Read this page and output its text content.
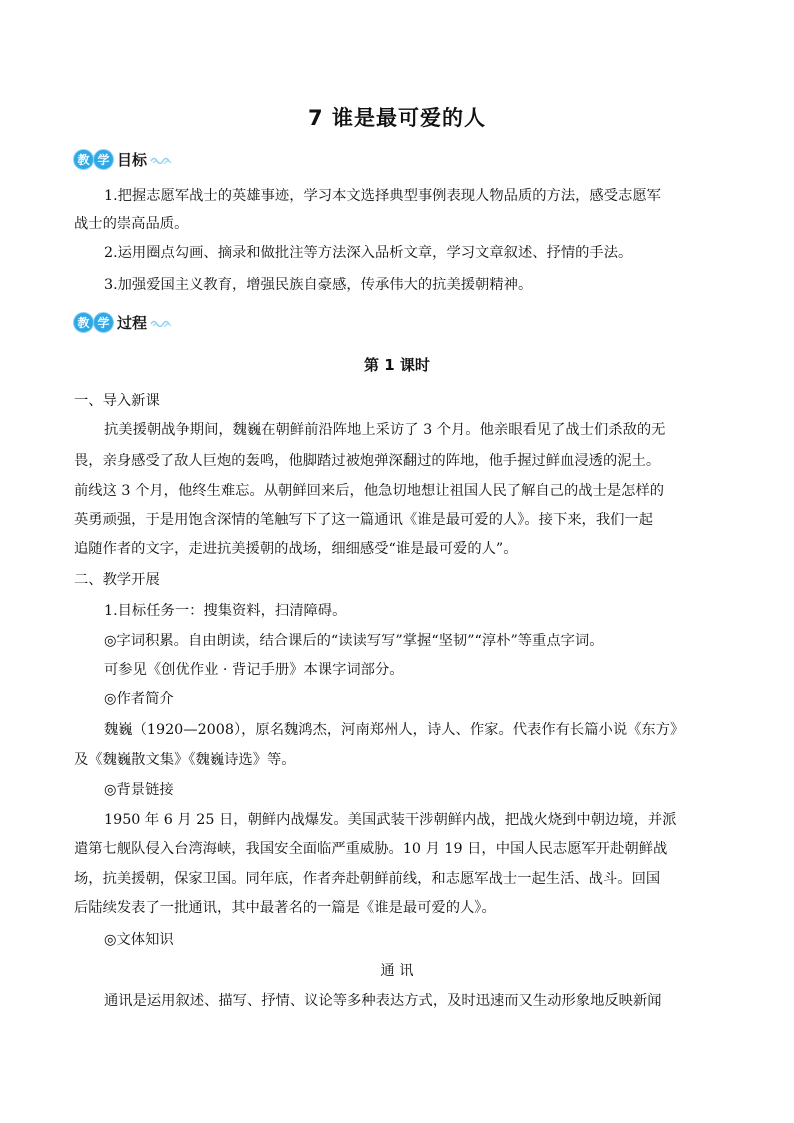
7 谁是最可爱的人
教 学 目标
1.把握志愿军战士的英雄事迹，学习本文选择典型事例表现人物品质的方法，感受志愿军
战士的崇高品质。
2.运用圈点勾画、摘录和做批注等方法深入品析文章，学习文章叙述、抒情的手法。
3.加强爱国主义教育，增强民族自豪感，传承伟大的抗美援朝精神。
教 学 过程
第 1 课时
一、导入新课
抗美援朝战争期间，魏巍在朝鲜前沿阵地上采访了 3 个月。他亲眼看见了战士们杀敌的无
畏，亲身感受了敌人巨炮的轰鸣，他脚踏过被炮弹深翻过的阵地，他手握过鲜血浸透的泥土。
前线这 3 个月，他终生难忘。从朝鲜回来后，他急切地想让祖国人民了解自己的战士是怎样的
英勇顽强，于是用饱含深情的笔触写下了这一篇通讯《谁是最可爱的人》。接下来，我们一起
追随作者的文字，走进抗美援朝的战场，细细感受“谁是最可爱的人”。
二、教学开展
1.目标任务一：搜集资料，扫清障碍。
◎字词积累。自由朗读，结合课后的“读读写写”掌握“坚韧”“淳朴”等重点字词。
可参见《创优作业 · 背记手册》本课字词部分。
◎作者简介
魏巍（1920—2008），原名魏鸿杰，河南郑州人，诗人、作家。代表作有长篇小说《东方》
及《魏巍散文集》《魏巍诗选》等。
◎背景链接
1950 年 6 月 25 日，朝鲜内战爆发。美国武装干涉朝鲜内战，把战火烧到中朝边境，并派
遣第七舰队侵入台湾海峡，我国安全面临严重威胁。10 月 19 日，中国人民志愿军开赴朝鲜战
场，抗美援朝，保家卫国。同年底，作者奔赴朝鲜前线，和志愿军战士一起生活、战斗。回国
后陆续发表了一批通讯，其中最著名的一篇是《谁是最可爱的人》。
◎文体知识
通 讯
通讯是运用叙述、描写、抒情、议论等多种表达方式，及时迅速而又生动形象地反映新闻
